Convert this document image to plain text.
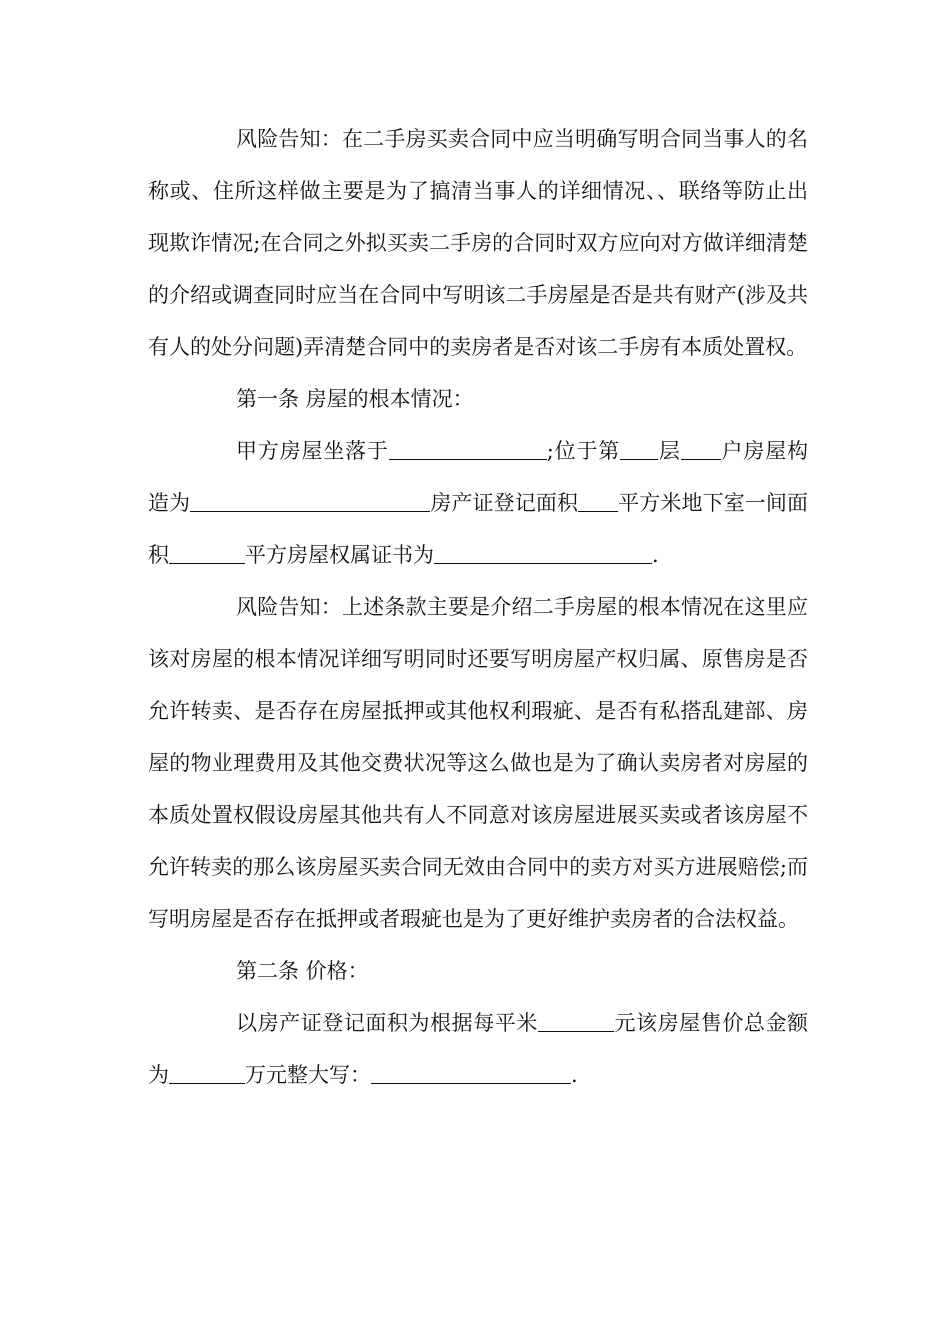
风险告知：在二手房买卖合同中应当明确写明合同当事人的名称或、住所这样做主要是为了搞清当事人的详细情况、、联络等防止出现欺诈情况;在合同之外拟买卖二手房的合同时双方应向对方做详细清楚的介绍或调查同时应当在合同中写明该二手房屋是否是共有财产(涉及共有人的处分问题)弄清楚合同中的卖房者是否对该二手房有本质处置权。

第一条 房屋的根本情况：

甲方房屋坐落于	;位于第 层 户房屋构造为	房产证登记面积 平方米地下室一间面积	平方房屋权属证书为	.

风险告知：上述条款主要是介绍二手房屋的根本情况在这里应该对房屋的根本情况详细写明同时还要写明房屋产权归属、原售房是否允许转卖、是否存在房屋抵押或其他权利瑕疵、是否有私搭乱建部、房屋的物业理费用及其他交费状况等这么做也是为了确认卖房者对房屋的本质处置权假设房屋其他共有人不同意对该房屋进展买卖或者该房屋不允许转卖的那么该房屋买卖合同无效由合同中的卖方对买方进展赔偿;而写明房屋是否存在抵押或者瑕疵也是为了更好维护卖房者的合法权益。

第二条 价格：

以房产证登记面积为根据每平米	元该房屋售价总金额为	万元整大写：	.
